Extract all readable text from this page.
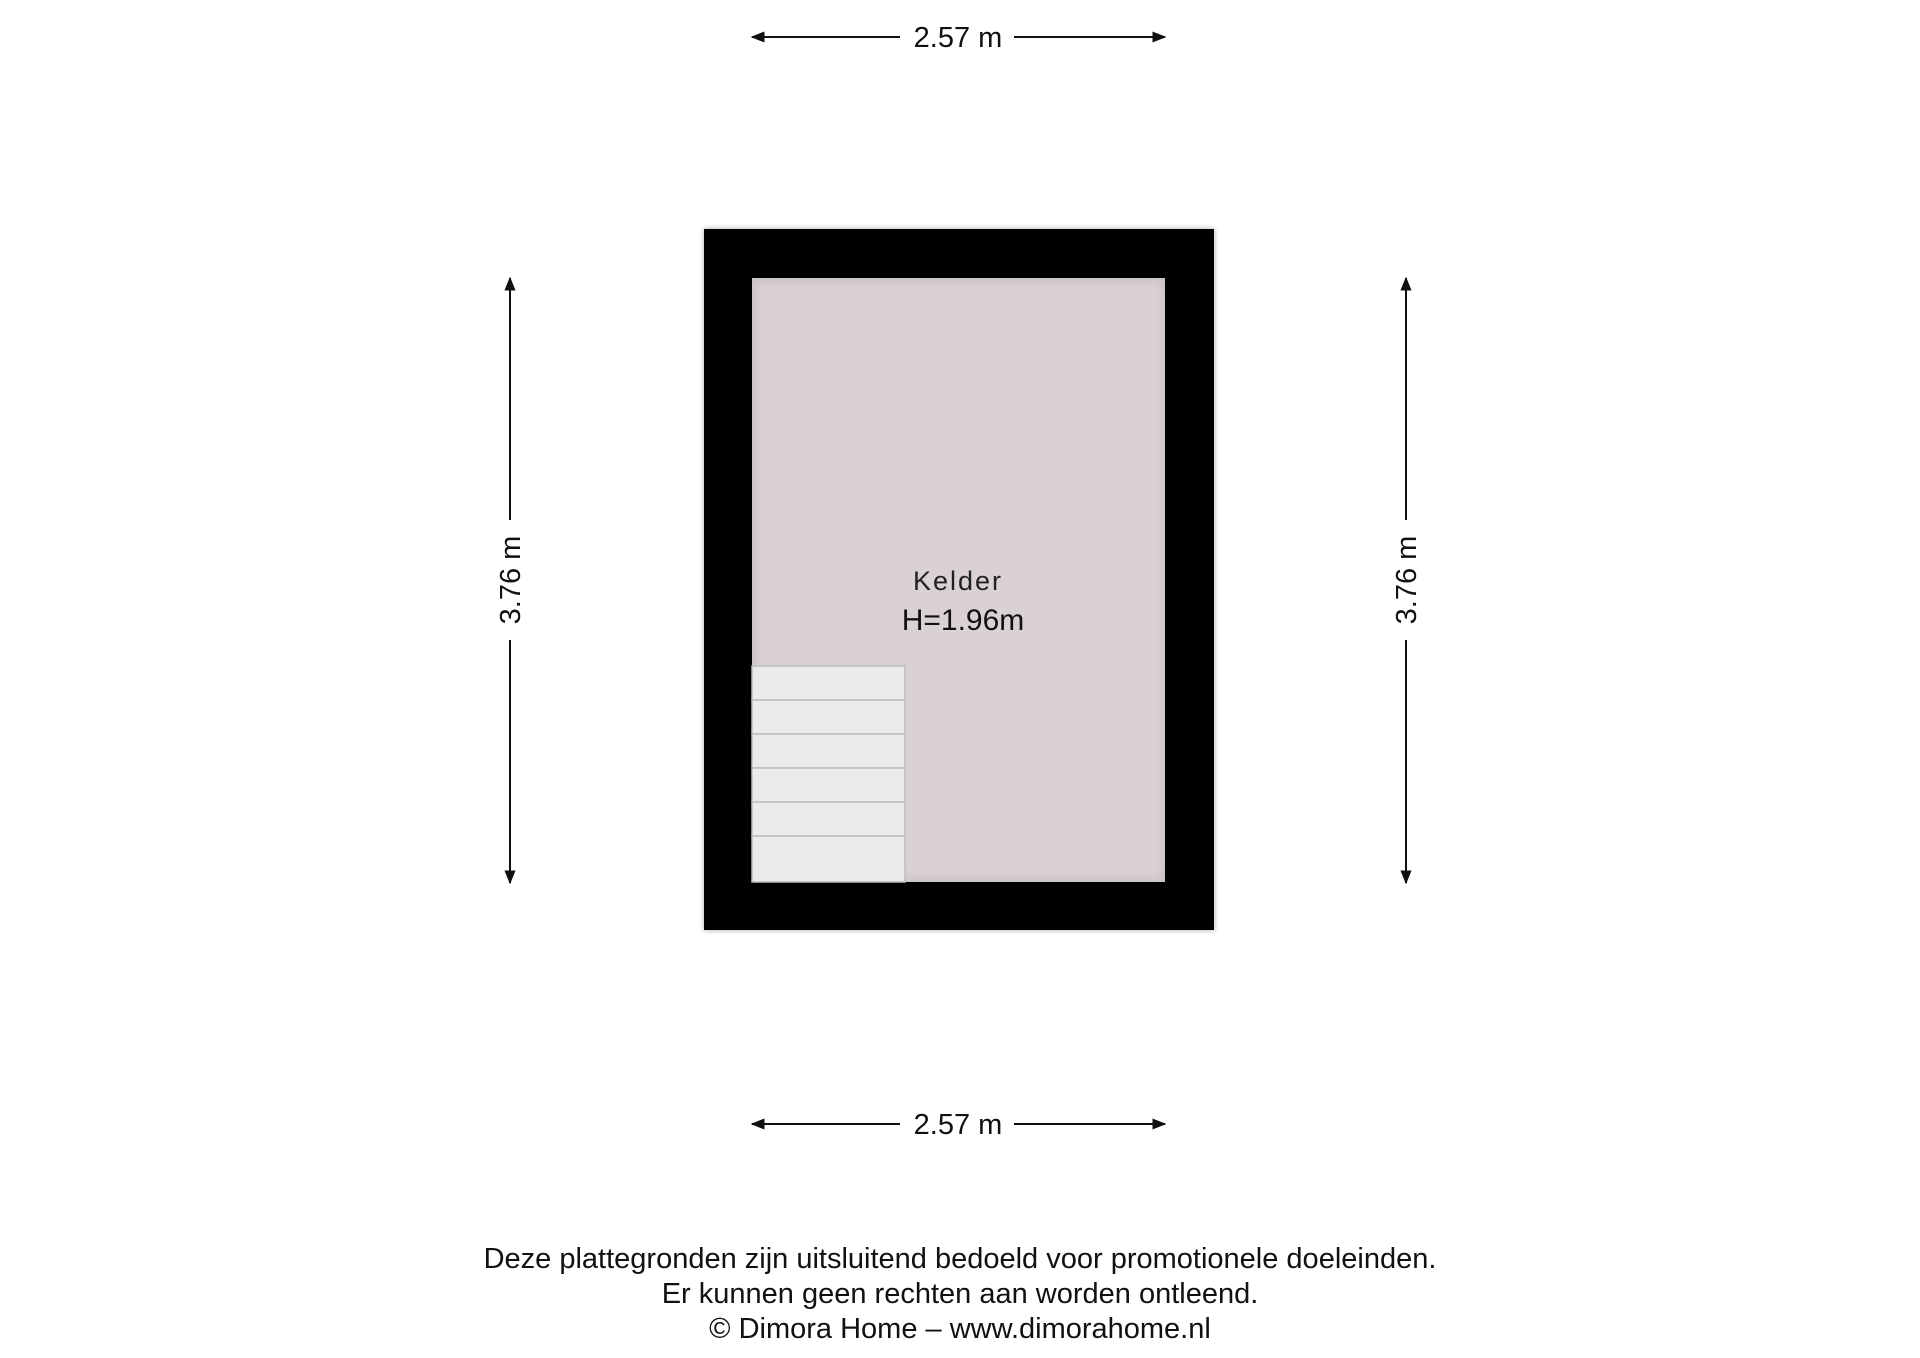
2.57 m
2.57 m
3.76 m	3.76 m
Kelder
H=1.96m
Deze plattegronden zijn uitsluitend bedoeld voor promotionele doeleinden.
Er kunnen geen rechten aan worden ontleend.
© Dimora Home – www.dimorahome.nl
